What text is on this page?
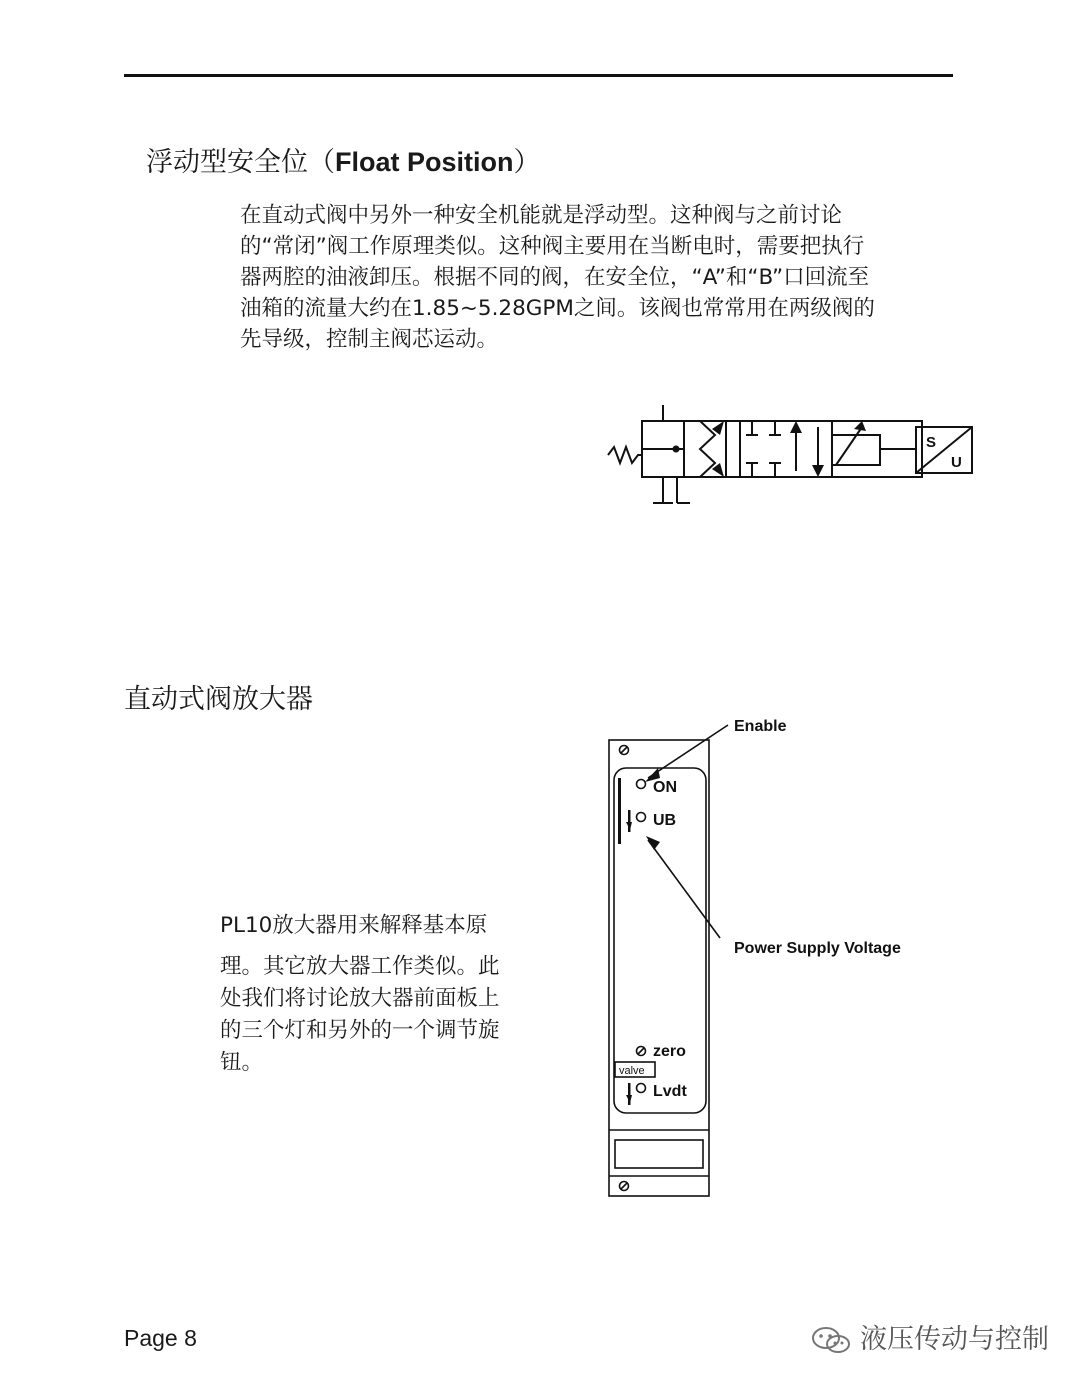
浮动型安全位（Float Position）
在直动式阀中另外一种安全机能就是浮动型。这种阀与之前讨论
的“常闭”阀工作原理类似。这种阀主要用在当断电时，需要把执行
器两腔的油液卸压。根据不同的阀，在安全位，“A”和“B”口回流至
油箱的流量大约在1.85~5.28GPM之间。该阀也常常用在两级阀的
先导级，控制主阀芯运动。
S
U
直动式阀放大器
PL10放大器用来解释基本原
理。其它放大器工作类似。此
处我们将讨论放大器前面板上
的三个灯和另外的一个调节旋
钮。
ON
UB
zero
valve
Lvdt
Enable
Power Supply Voltage
Page 8	液压传动与控制
